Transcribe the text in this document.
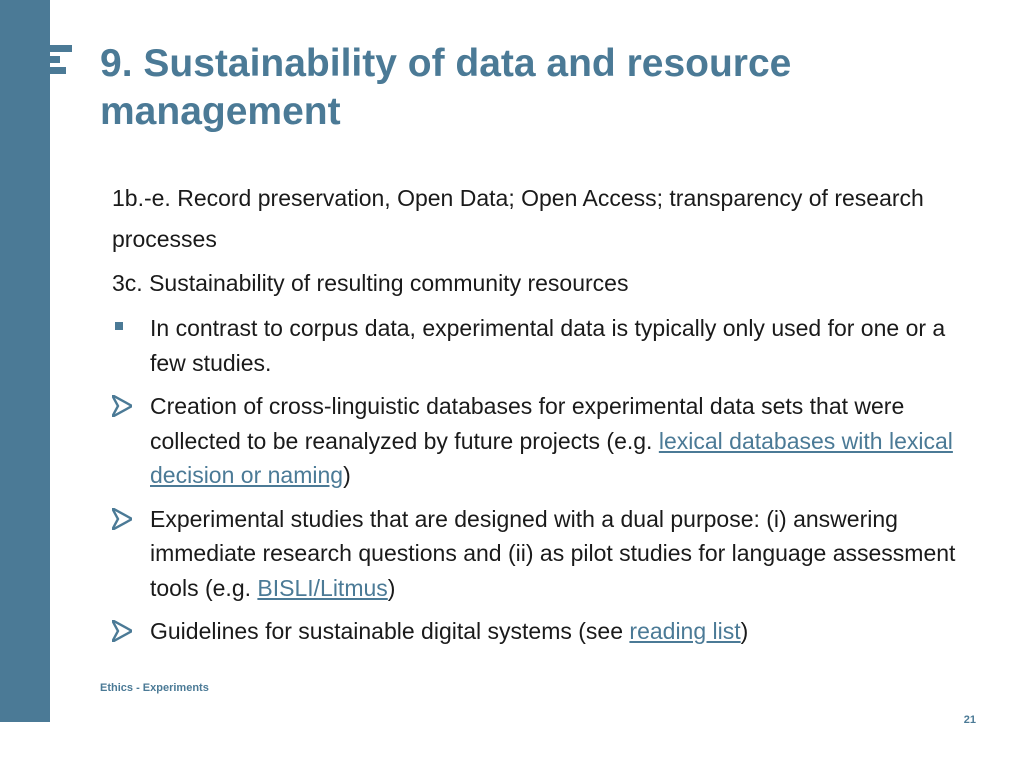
9. Sustainability of data and resource management

1b.-e. Record preservation, Open Data; Open Access; transparency of research processes

3c. Sustainability of resulting community resources

In contrast to corpus data, experimental data is typically only used for one or a few studies.
Creation of cross-linguistic databases for experimental data sets that were collected to be reanalyzed by future projects (e.g. lexical databases with lexical decision or naming)
Experimental studies that are designed with a dual purpose: (i) answering immediate research questions and (ii) as pilot studies for language assessment tools (e.g. BISLI/Litmus)
Guidelines for sustainable digital systems (see reading list)
Ethics - Experiments
21
